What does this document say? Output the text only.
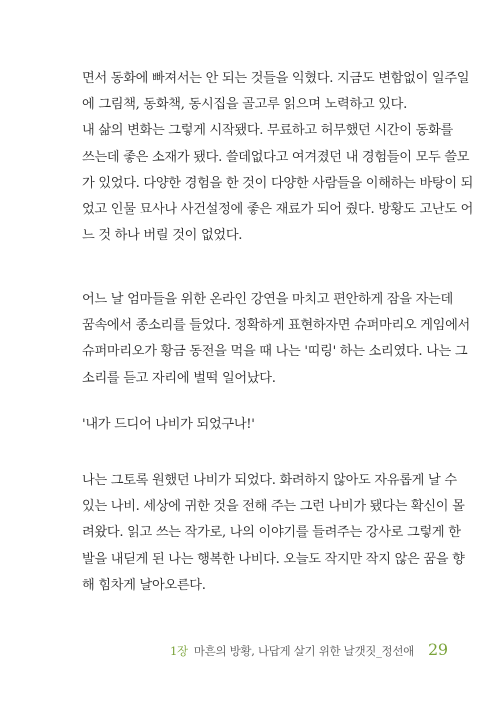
면서 동화에 빠져서는 안 되는 것들을 익혔다. 지금도 변함없이 일주일
에 그림책, 동화책, 동시집을 골고루 읽으며 노력하고 있다.
내 삶의 변화는 그렇게 시작됐다. 무료하고 허무했던 시간이 동화를
쓰는데 좋은 소재가 됐다. 쓸데없다고 여겨졌던 내 경험들이 모두 쓸모
가 있었다. 다양한 경험을 한 것이 다양한 사람들을 이해하는 바탕이 되
었고 인물 묘사나 사건설정에 좋은 재료가 되어 줬다. 방황도 고난도 어
느 것 하나 버릴 것이 없었다.
어느 날 엄마들을 위한 온라인 강연을 마치고 편안하게 잠을 자는데
꿈속에서 종소리를 들었다. 정확하게 표현하자면 슈퍼마리오 게임에서
슈퍼마리오가 황금 동전을 먹을 때 나는 '띠링' 하는 소리였다. 나는 그
소리를 듣고 자리에 벌떡 일어났다.
'내가 드디어 나비가 되었구나!'
나는 그토록 원했던 나비가 되었다. 화려하지 않아도 자유롭게 날 수
있는 나비. 세상에 귀한 것을 전해 주는 그런 나비가 됐다는 확신이 몰
려왔다. 읽고 쓰는 작가로, 나의 이야기를 들려주는 강사로 그렇게 한
발을 내딛게 된 나는 행복한 나비다. 오늘도 작지만 작지 않은 꿈을 향
해 힘차게 날아오른다.
1장 마흔의 방황, 나답게 살기 위한 날갯짓 _정선애 29
